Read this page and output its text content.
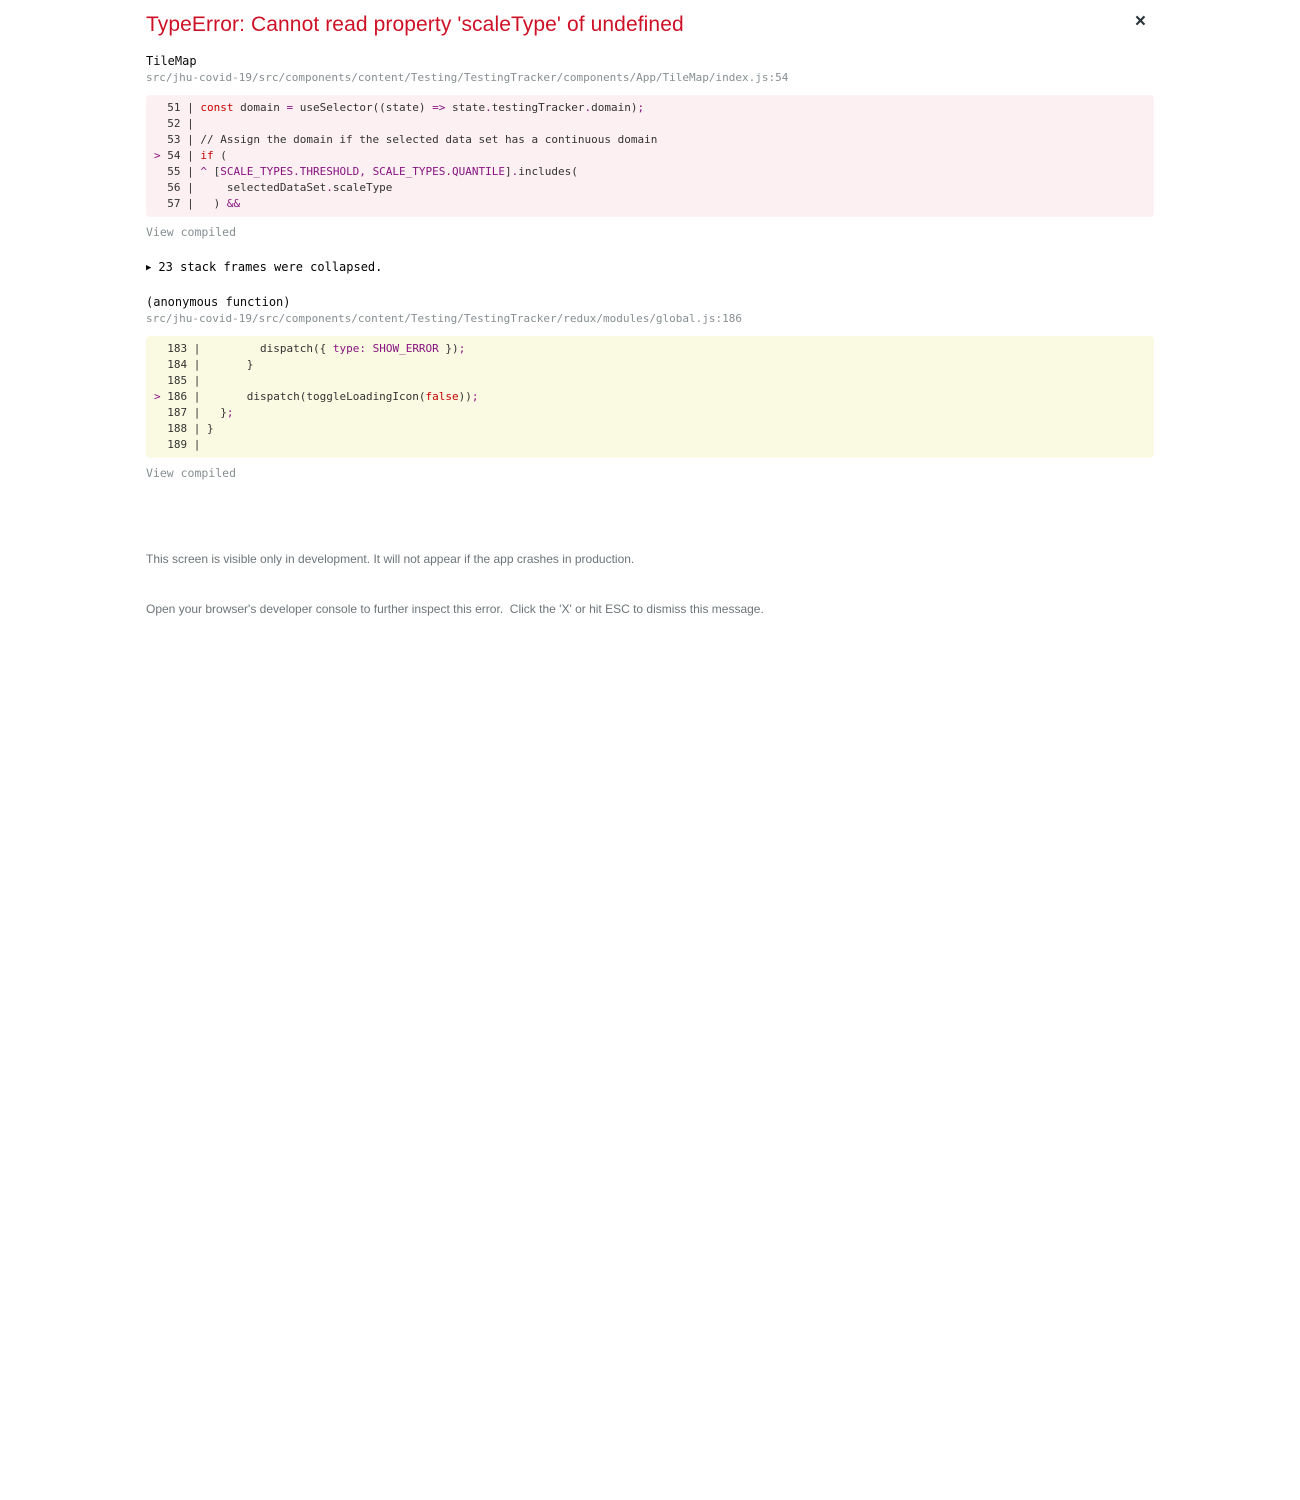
TypeError: Cannot read property 'scaleType' of undefined	×
TileMap
src/jhu-covid-19/src/components/content/Testing/TestingTracker/components/App/TileMap/index.js:54
51 | const domain = useSelector((state) => state.testingTracker.domain);
52 |
53 | // Assign the domain if the selected data set has a continuous domain
> 54 | if (
55 | ^ [SCALE_TYPES.THRESHOLD, SCALE_TYPES.QUANTILE].includes(
56 |     selectedDataSet.scaleType
57 |   ) &&
View compiled
▶ 23 stack frames were collapsed.
(anonymous function)
src/jhu-covid-19/src/components/content/Testing/TestingTracker/redux/modules/global.js:186
183 |         dispatch({ type: SHOW_ERROR });
184 |       }
185 |
> 186 |       dispatch(toggleLoadingIcon(false));
187 |   };
188 | }
189 |
View compiled

This screen is visible only in development. It will not appear if the app crashes in production.

Open your browser's developer console to further inspect this error.  Click the 'X' or hit ESC to dismiss this message.
